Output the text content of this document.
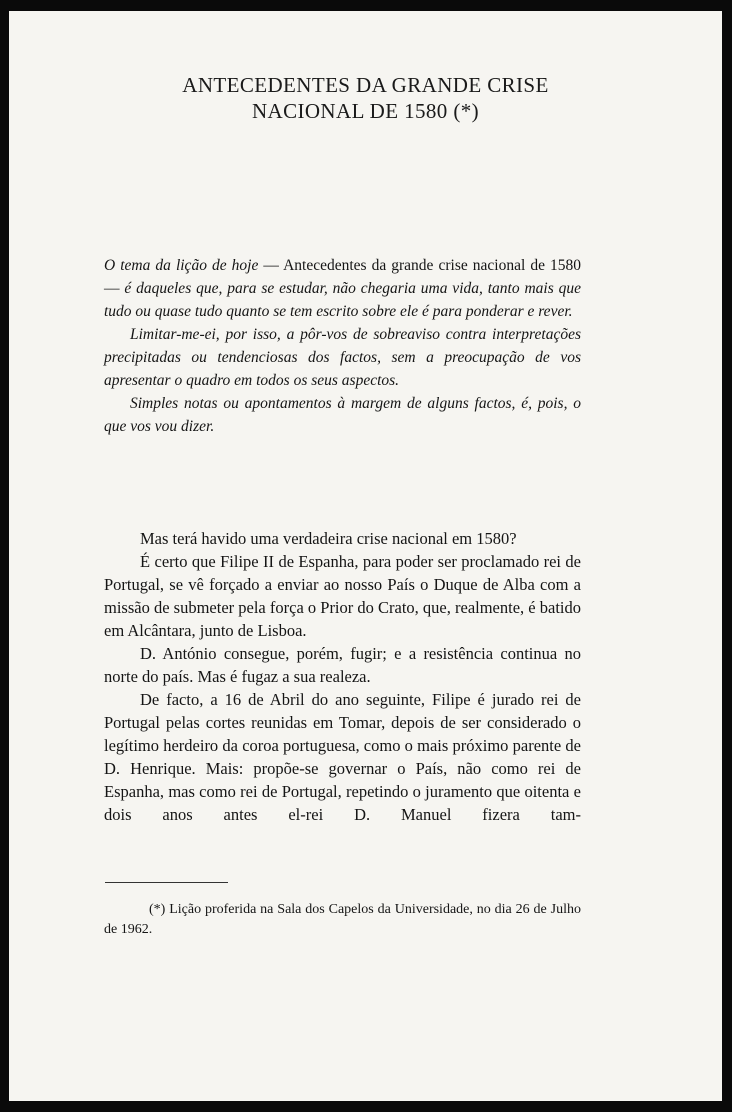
ANTECEDENTES DA GRANDE CRISE
NACIONAL DE 1580 (*)

O tema da lição de hoje — Antecedentes da grande crise nacional de 1580 — é daqueles que, para se estudar, não chegaria uma vida, tanto mais que tudo ou quase tudo quanto se tem escrito sobre ele é para ponderar e rever.

Limitar-me-ei, por isso, a pôr-vos de sobreaviso contra interpretações precipitadas ou tendenciosas dos factos, sem a preocupação de vos apresentar o quadro em todos os seus aspectos.

Simples notas ou apontamentos à margem de alguns factos, é, pois, o que vos vou dizer.

Mas terá havido uma verdadeira crise nacional em 1580?

É certo que Filipe II de Espanha, para poder ser proclamado rei de Portugal, se vê forçado a enviar ao nosso País o Duque de Alba com a missão de submeter pela força o Prior do Crato, que, realmente, é batido em Alcântara, junto de Lisboa.

D. António consegue, porém, fugir; e a resistência continua no norte do país. Mas é fugaz a sua realeza.

De facto, a 16 de Abril do ano seguinte, Filipe é jurado rei de Portugal pelas cortes reunidas em Tomar, depois de ser considerado o legítimo herdeiro da coroa portuguesa, como o mais próximo parente de D. Henrique. Mais: propõe-se governar o País, não como rei de Espanha, mas como rei de Portugal, repetindo o juramento que oitenta e dois anos antes el-rei D. Manuel fizera tam-

(*) Lição proferida na Sala dos Capelos da Universidade, no dia 26 de Julho de 1962.
